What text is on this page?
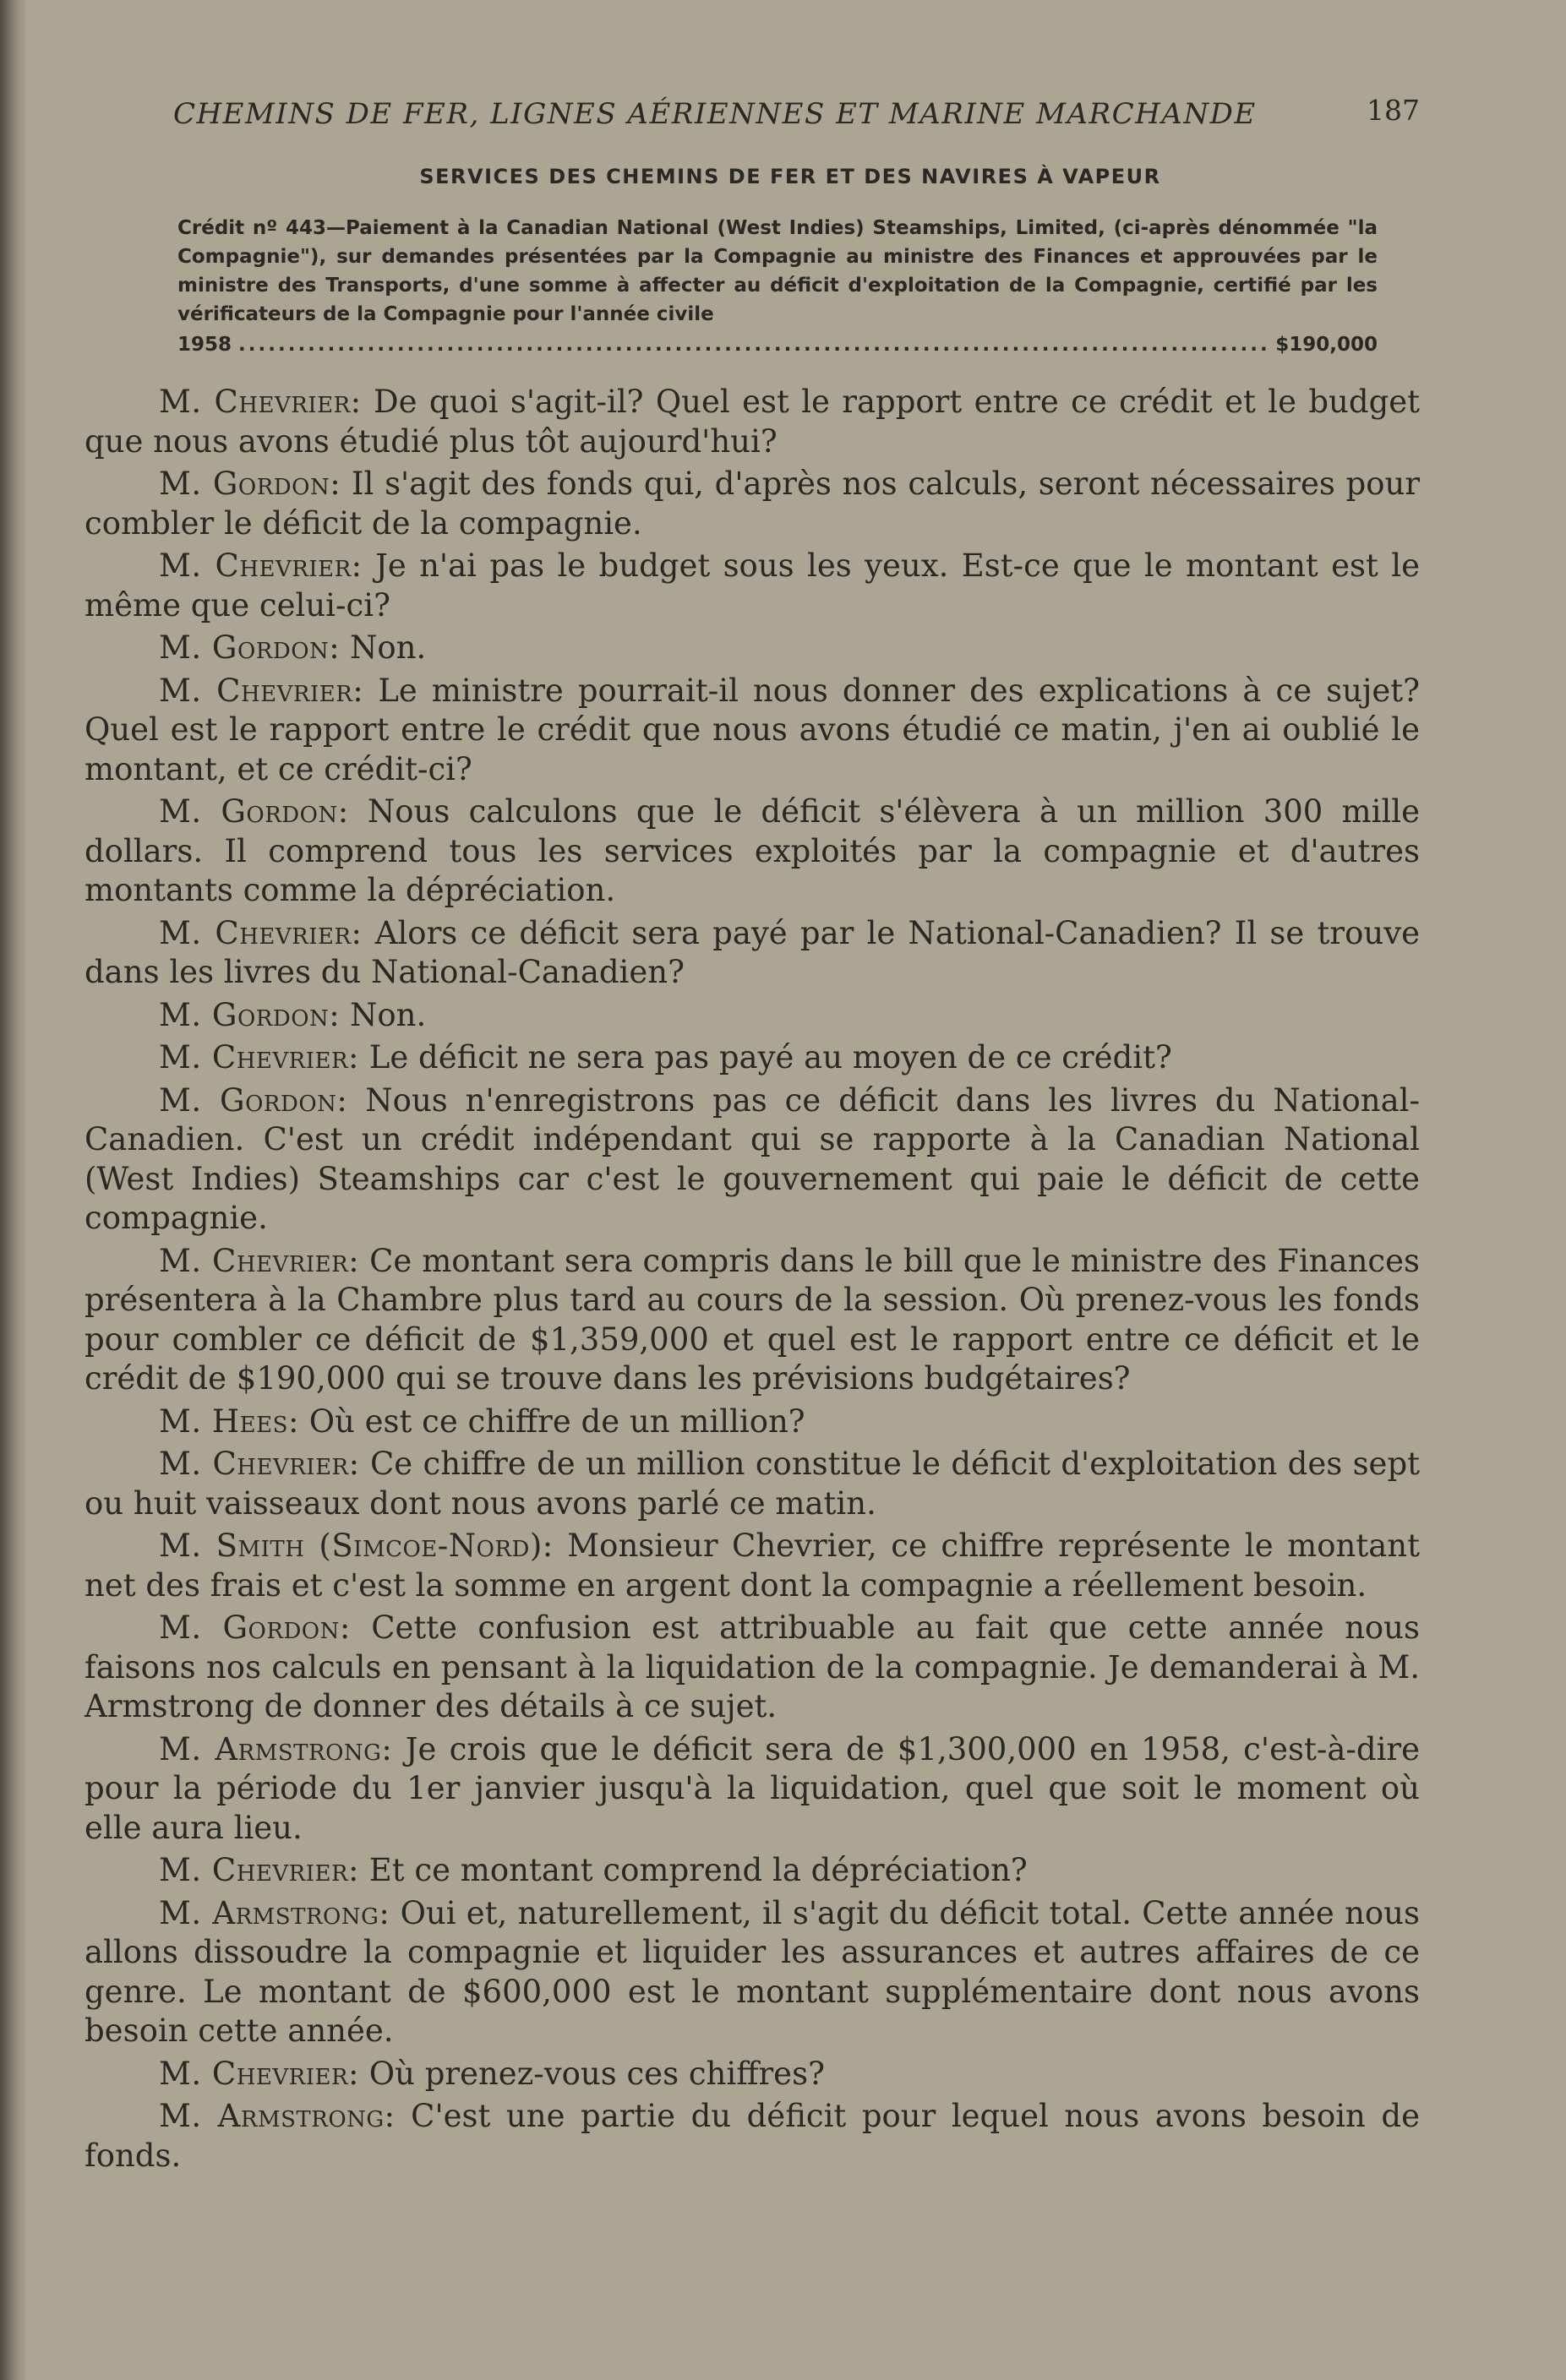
CHEMINS DE FER, LIGNES AÉRIENNES ET MARINE MARCHANDE	187
SERVICES DES CHEMINS DE FER ET DES NAVIRES À VAPEUR
Crédit nº 443—Paiement à la Canadian National (West Indies) Steamships, Limited, (ci-après dénommée "la Compagnie"), sur demandes présentées par la Compagnie au ministre des Finances et approuvées par le ministre des Transports, d'une somme à affecter au déficit d'exploitation de la Compagnie, certifié par les vérificateurs de la Compagnie pour l'année civile
1958
.....	$190,000

M. Chevrier: De quoi s'agit-il? Quel est le rapport entre ce crédit et le budget que nous avons étudié plus tôt aujourd'hui?

M. Gordon: Il s'agit des fonds qui, d'après nos calculs, seront nécessaires pour combler le déficit de la compagnie.

M. Chevrier: Je n'ai pas le budget sous les yeux. Est-ce que le montant est le même que celui-ci?

M. Gordon: Non.

M. Chevrier: Le ministre pourrait-il nous donner des explications à ce sujet? Quel est le rapport entre le crédit que nous avons étudié ce matin, j'en ai oublié le montant, et ce crédit-ci?

M. Gordon: Nous calculons que le déficit s'élèvera à un million 300 mille dollars. Il comprend tous les services exploités par la compagnie et d'autres montants comme la dépréciation.

M. Chevrier: Alors ce déficit sera payé par le National-Canadien? Il se trouve dans les livres du National-Canadien?

M. Gordon: Non.

M. Chevrier: Le déficit ne sera pas payé au moyen de ce crédit?

M. Gordon: Nous n'enregistrons pas ce déficit dans les livres du National-Canadien. C'est un crédit indépendant qui se rapporte à la Canadian National (West Indies) Steamships car c'est le gouvernement qui paie le déficit de cette compagnie.

M. Chevrier: Ce montant sera compris dans le bill que le ministre des Finances présentera à la Chambre plus tard au cours de la session. Où prenez-vous les fonds pour combler ce déficit de $1,359,000 et quel est le rapport entre ce déficit et le crédit de $190,000 qui se trouve dans les prévisions budgétaires?

M. Hees: Où est ce chiffre de un million?

M. Chevrier: Ce chiffre de un million constitue le déficit d'exploitation des sept ou huit vaisseaux dont nous avons parlé ce matin.

M. Smith (Simcoe-Nord): Monsieur Chevrier, ce chiffre représente le montant net des frais et c'est la somme en argent dont la compagnie a réellement besoin.

M. Gordon: Cette confusion est attribuable au fait que cette année nous faisons nos calculs en pensant à la liquidation de la compagnie. Je demanderai à M. Armstrong de donner des détails à ce sujet.

M. Armstrong: Je crois que le déficit sera de $1,300,000 en 1958, c'est-à-dire pour la période du 1er janvier jusqu'à la liquidation, quel que soit le moment où elle aura lieu.

M. Chevrier: Et ce montant comprend la dépréciation?

M. Armstrong: Oui et, naturellement, il s'agit du déficit total. Cette année nous allons dissoudre la compagnie et liquider les assurances et autres affaires de ce genre. Le montant de $600,000 est le montant supplémentaire dont nous avons besoin cette année.

M. Chevrier: Où prenez-vous ces chiffres?

M. Armstrong: C'est une partie du déficit pour lequel nous avons besoin de fonds.
